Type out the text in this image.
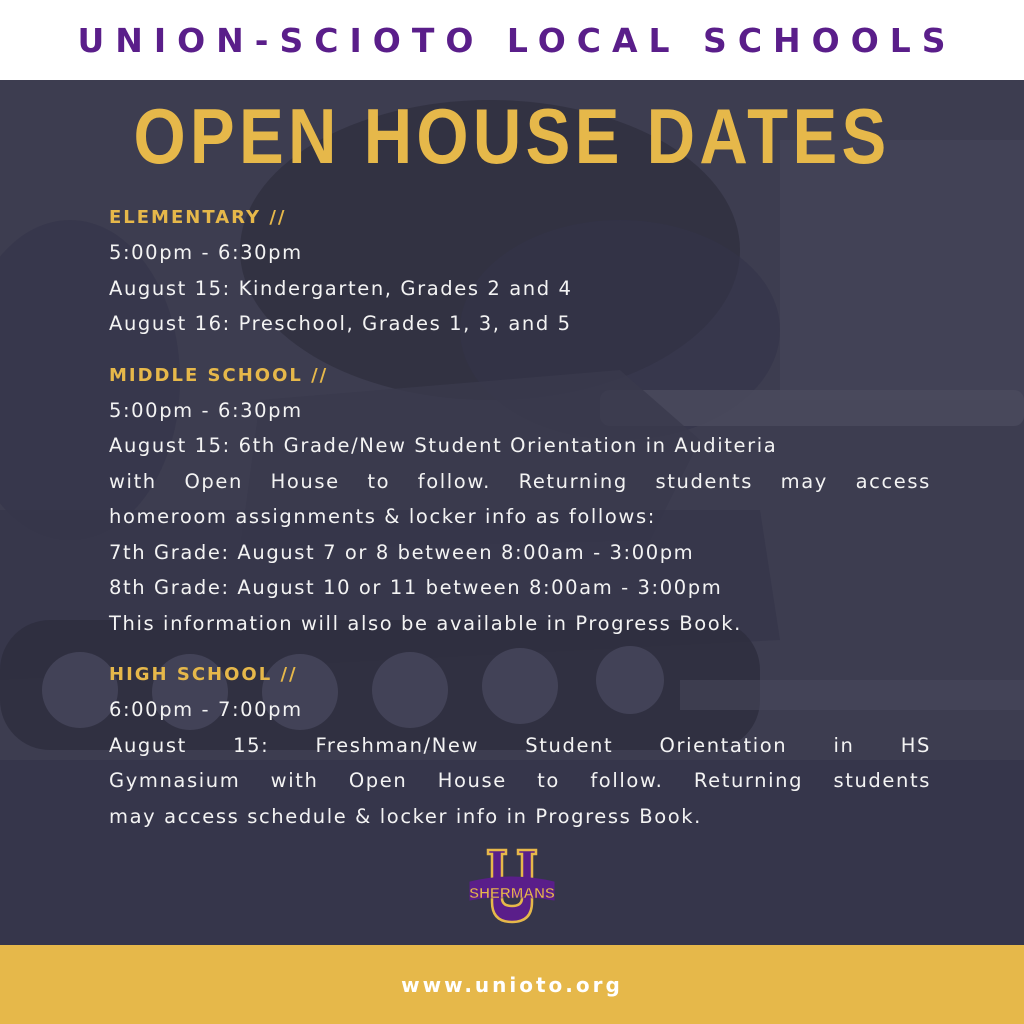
UNION-SCIOTO LOCAL SCHOOLS
OPEN HOUSE DATES
ELEMENTARY //
5:00pm - 6:30pm
August 15: Kindergarten, Grades 2 and 4
August 16: Preschool, Grades 1, 3, and 5
MIDDLE SCHOOL //
5:00pm - 6:30pm
August 15: 6th Grade/New Student Orientation in Auditeria
with Open House to follow. Returning students may access
homeroom assignments & locker info as follows:
7th Grade: August 7 or 8 between 8:00am - 3:00pm
8th Grade: August 10 or 11 between 8:00am - 3:00pm
This information will also be available in Progress Book.
HIGH SCHOOL //
6:00pm - 7:00pm
August 15: Freshman/New Student Orientation in HS
Gymnasium with Open House to follow. Returning students
may access schedule & locker info in Progress Book.
SHERMANS
www.unioto.org
